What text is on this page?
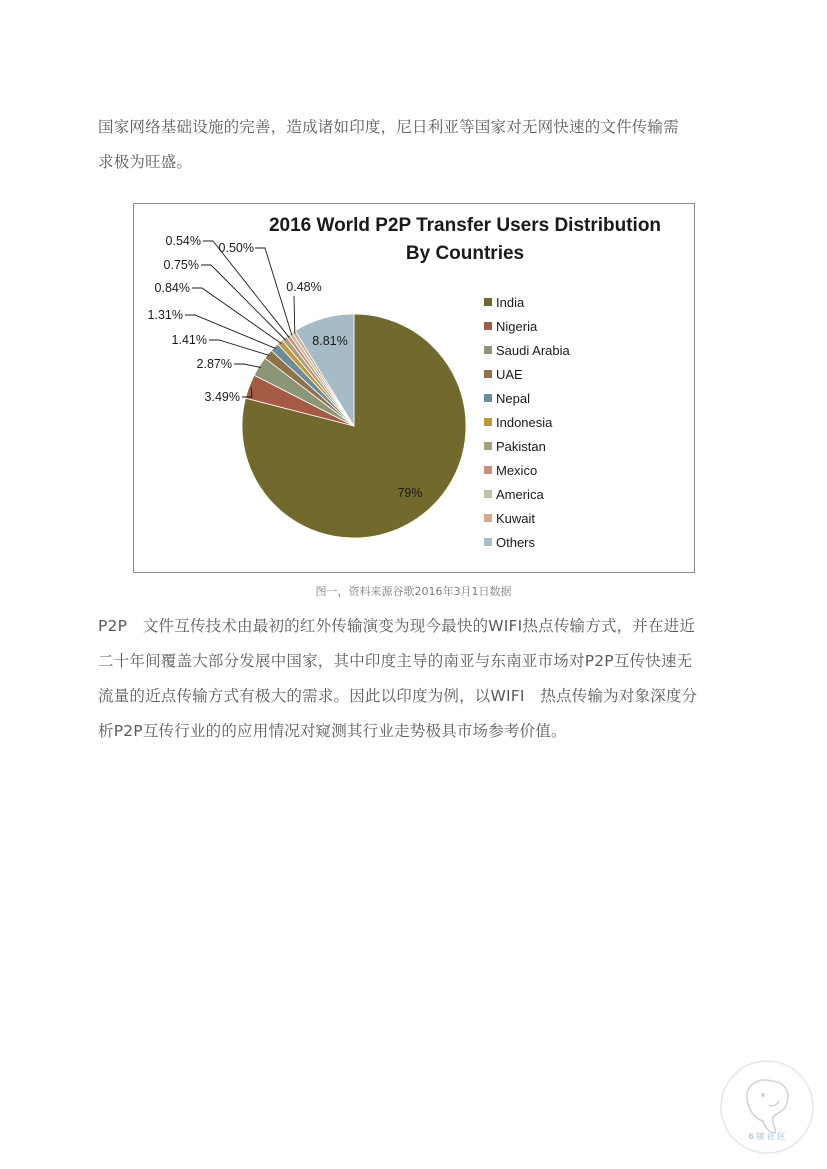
国家网络基础设施的完善，造成诸如印度，尼日利亚等国家对无网快速的文件传输需
求极为旺盛。
2016 World P2P Transfer Users Distribution
By Countries
79%
3.49%
2.87%
1.41%
1.31%
0.84%
0.75%
0.54% 0.50%
0.48%
8.81%
India
Nigeria
Saudi Arabia
UAE
Nepal
Indonesia
Pakistan
Mexico
America
Kuwait
Others
图一，资料来源谷歌2016年3月1日数据
P2P　文件互传技术由最初的红外传输演变为现今最快的WIFI热点传输方式，并在进近
二十年间覆盖大部分发展中国家，其中印度主导的南亚与东南亚市场对P2P互传快速无
流量的近点传输方式有极大的需求。因此以印度为例，以WIFI　热点传输为对象深度分
析P2P互传行业的的应用情况对窥测其行业走势极具市场参考价值。
6 镜 社 区
